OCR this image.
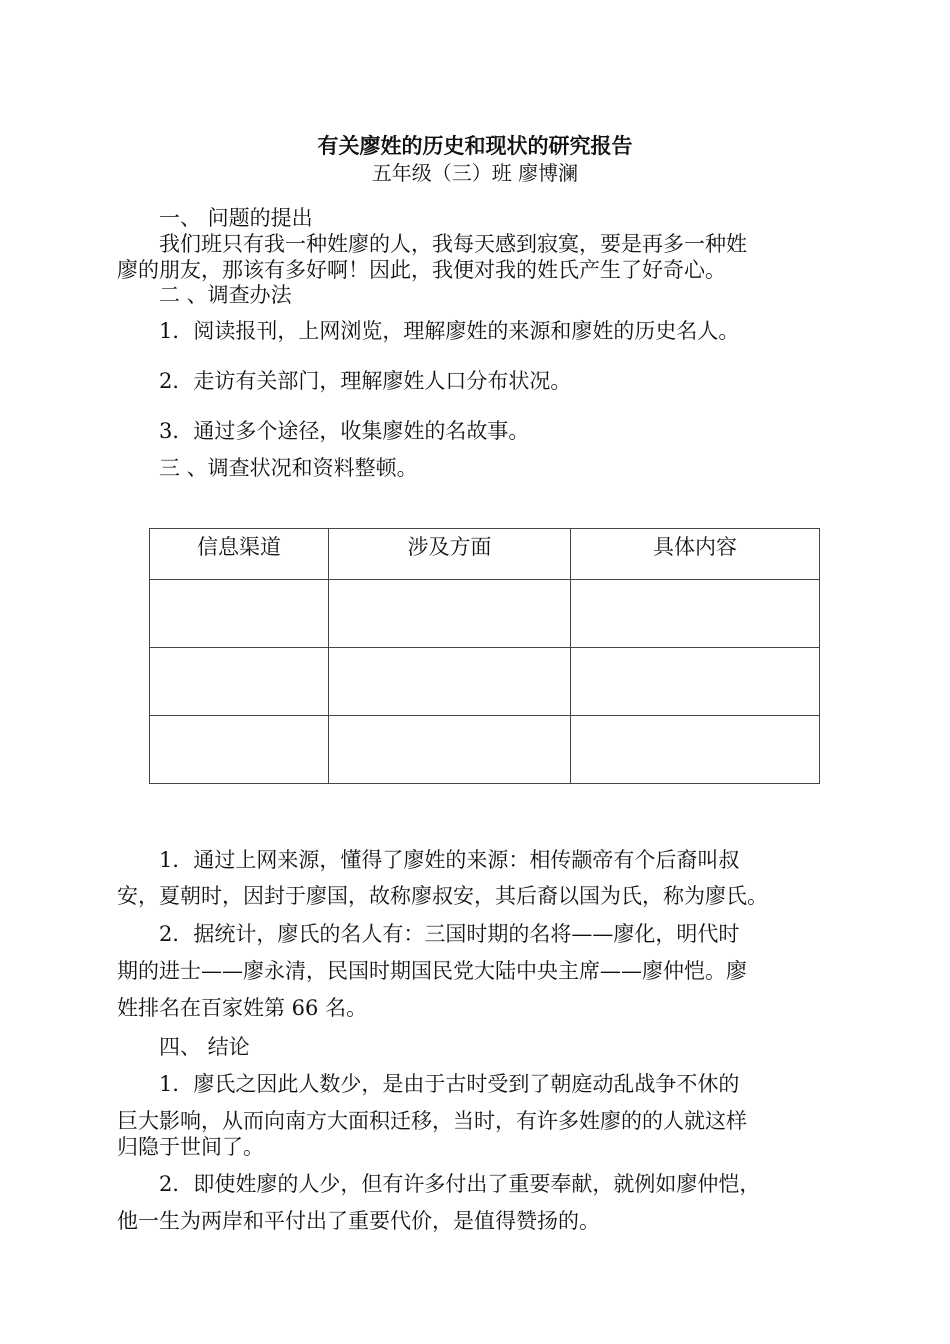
有关廖姓的历史和现状的研究报告
五年级（三）班 廖博澜
一、 问题的提出
我们班只有我一种姓廖的人，我每天感到寂寞，要是再多一种姓
廖的朋友，那该有多好啊！因此，我便对我的姓氏产生了好奇心。
二 、调查办法
1．阅读报刊，上网浏览，理解廖姓的来源和廖姓的历史名人。
2．走访有关部门，理解廖姓人口分布状况。
3．通过多个途径，收集廖姓的名故事。
三 、调查状况和资料整顿。
信息渠道	涉及方面	具体内容

1．通过上网来源，懂得了廖姓的来源：相传颛帝有个后裔叫叔
安，夏朝时，因封于廖国，故称廖叔安，其后裔以国为氏，称为廖氏。
2．据统计，廖氏的名人有：三国时期的名将——廖化，明代时
期的进士——廖永清，民国时期国民党大陆中央主席——廖仲恺。廖
姓排名在百家姓第 66 名。
四、 结论
1．廖氏之因此人数少，是由于古时受到了朝庭动乱战争不休的
巨大影响，从而向南方大面积迁移，当时，有许多姓廖的的人就这样
归隐于世间了。
2．即使姓廖的人少，但有许多付出了重要奉献，就例如廖仲恺，
他一生为两岸和平付出了重要代价，是值得赞扬的。
